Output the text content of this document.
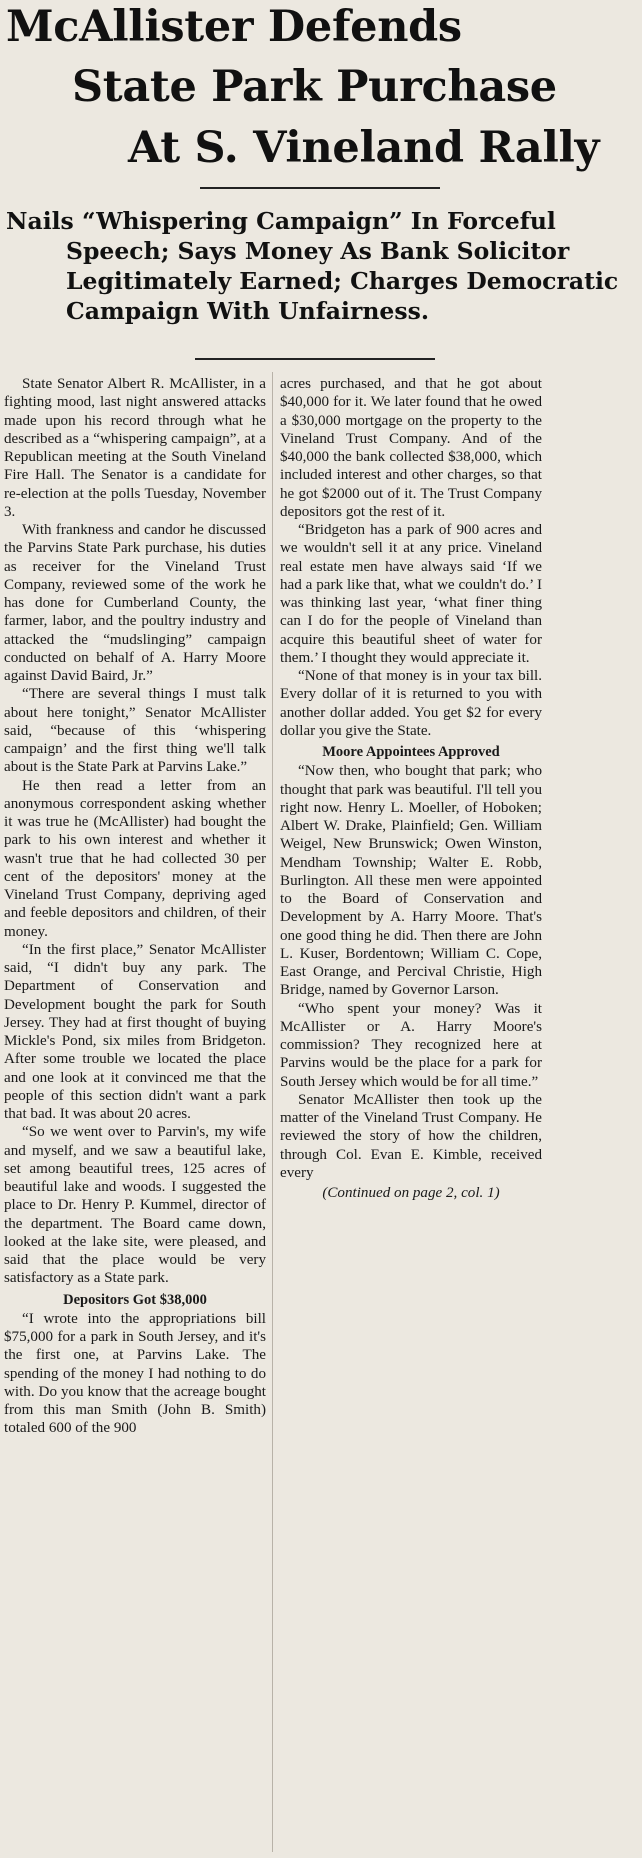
McAllister Defends
State Park Purchase
At S. Vineland Rally
Nails “Whispering Campaign” In Forceful
Speech; Says Money As Bank Solicitor
Legitimately Earned; Charges Democratic
Campaign With Unfairness.

State Senator Albert R. McAllister, in a fighting mood, last night answered attacks made upon his record through what he described as a “whispering campaign”, at a Republican meeting at the South Vineland Fire Hall. The Senator is a candidate for re-election at the polls Tuesday, November 3.

With frankness and candor he discussed the Parvins State Park purchase, his duties as receiver for the Vineland Trust Company, reviewed some of the work he has done for Cumberland County, the farmer, labor, and the poultry industry and attacked the “mudslinging” campaign conducted on behalf of A. Harry Moore against David Baird, Jr.”

“There are several things I must talk about here tonight,” Senator McAllister said, “because of this ‘whispering campaign’ and the first thing we'll talk about is the State Park at Parvins Lake.”

He then read a letter from an anonymous correspondent asking whether it was true he (McAllister) had bought the park to his own interest and whether it wasn't true that he had collected 30 per cent of the depositors' money at the Vineland Trust Company, depriving aged and feeble depositors and children, of their money.

“In the first place,” Senator McAllister said, “I didn't buy any park. The Department of Conservation and Development bought the park for South Jersey. They had at first thought of buying Mickle's Pond, six miles from Bridgeton. After some trouble we located the place and one look at it convinced me that the people of this section didn't want a park that bad. It was about 20 acres.

“So we went over to Parvin's, my wife and myself, and we saw a beautiful lake, set among beautiful trees, 125 acres of beautiful lake and woods. I suggested the place to Dr. Henry P. Kummel, director of the department. The Board came down, looked at the lake site, were pleased, and said that the place would be very satisfactory as a State park.

Depositors Got $38,000

“I wrote into the appropriations bill $75,000 for a park in South Jersey, and it's the first one, at Parvins Lake. The spending of the money I had nothing to do with. Do you know that the acreage bought from this man Smith (John B. Smith) totaled 600 of the 900

acres purchased, and that he got about $40,000 for it. We later found that he owed a $30,000 mortgage on the property to the Vineland Trust Company. And of the $40,000 the bank collected $38,000, which included interest and other charges, so that he got $2000 out of it. The Trust Company depositors got the rest of it.

“Bridgeton has a park of 900 acres and we wouldn't sell it at any price. Vineland real estate men have always said ‘If we had a park like that, what we couldn't do.’ I was thinking last year, ‘what finer thing can I do for the people of Vineland than acquire this beautiful sheet of water for them.’ I thought they would appreciate it.

“None of that money is in your tax bill. Every dollar of it is returned to you with another dollar added. You get $2 for every dollar you give the State.

Moore Appointees Approved

“Now then, who bought that park; who thought that park was beautiful. I'll tell you right now. Henry L. Moeller, of Hoboken; Albert W. Drake, Plainfield; Gen. William Weigel, New Brunswick; Owen Winston, Mendham Township; Walter E. Robb, Burlington. All these men were appointed to the Board of Conservation and Development by A. Harry Moore. That's one good thing he did. Then there are John L. Kuser, Bordentown; William C. Cope, East Orange, and Percival Christie, High Bridge, named by Governor Larson.

“Who spent your money? Was it McAllister or A. Harry Moore's commission? They recognized here at Parvins would be the place for a park for South Jersey which would be for all time.”

Senator McAllister then took up the matter of the Vineland Trust Company. He reviewed the story of how the children, through Col. Evan E. Kimble, received every

(Continued on page 2, col. 1)
